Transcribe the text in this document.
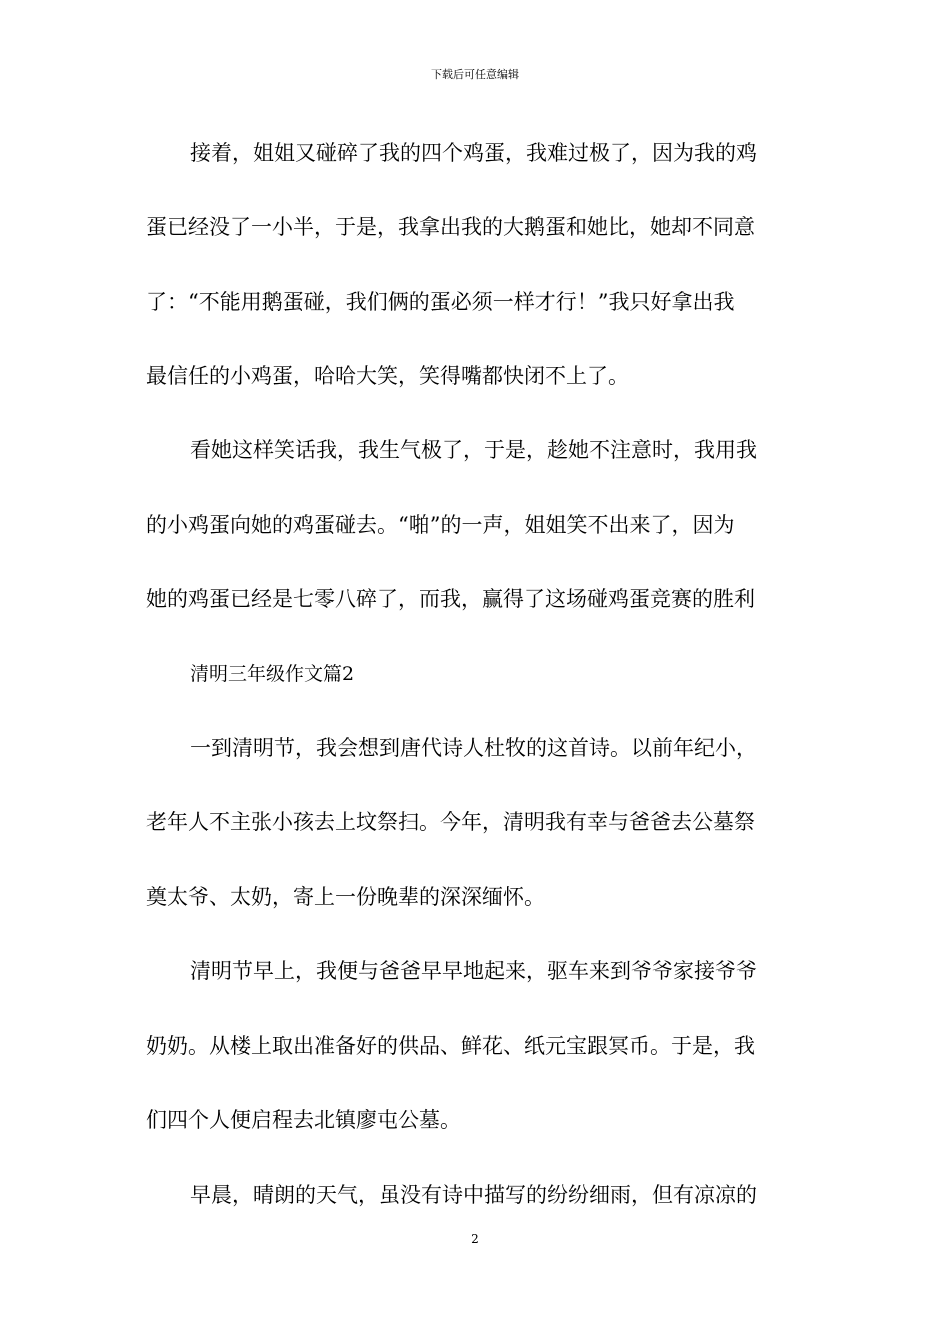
下载后可任意编辑
接着，姐姐又碰碎了我的四个鸡蛋，我难过极了，因为我的鸡
蛋已经没了一小半，于是，我拿出我的大鹅蛋和她比，她却不同意
了：“不能用鹅蛋碰，我们俩的蛋必须一样才行！”我只好拿出我
最信任的小鸡蛋，哈哈大笑，笑得嘴都快闭不上了。
看她这样笑话我，我生气极了，于是，趁她不注意时，我用我
的小鸡蛋向她的鸡蛋碰去。“啪”的一声，姐姐笑不出来了，因为
她的鸡蛋已经是七零八碎了，而我，赢得了这场碰鸡蛋竞赛的胜利
清明三年级作文篇2
一到清明节，我会想到唐代诗人杜牧的这首诗。以前年纪小，
老年人不主张小孩去上坟祭扫。今年，清明我有幸与爸爸去公墓祭
奠太爷、太奶，寄上一份晚辈的深深缅怀。
清明节早上，我便与爸爸早早地起来，驱车来到爷爷家接爷爷
奶奶。从楼上取出准备好的供品、鲜花、纸元宝跟冥币。于是，我
们四个人便启程去北镇廖屯公墓。
早晨，晴朗的天气，虽没有诗中描写的纷纷细雨，但有凉凉的
2
